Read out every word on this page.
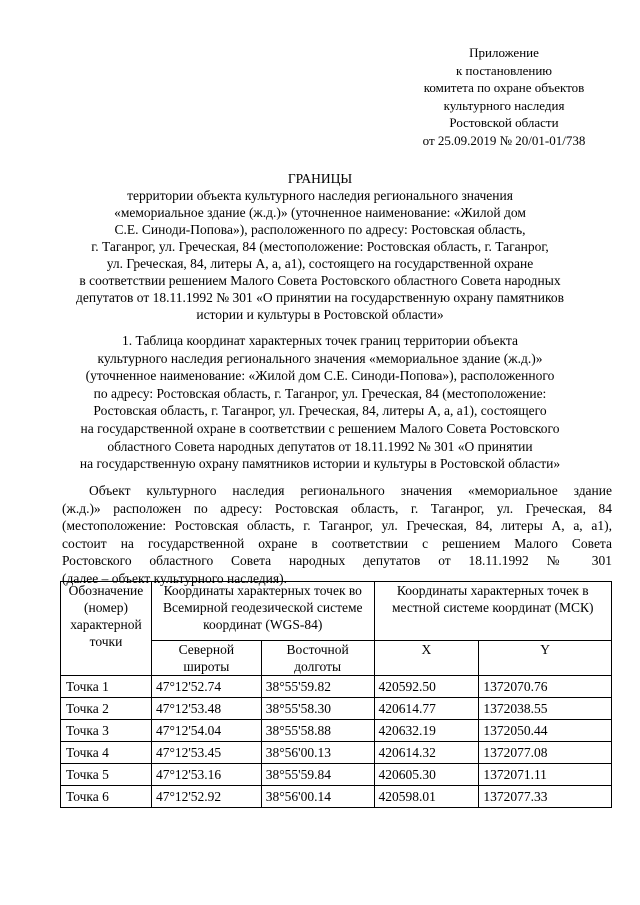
Приложение
к постановлению
комитета по охране объектов
культурного наследия
Ростовской области
от 25.09.2019 № 20/01-01/738
ГРАНИЦЫ
территории объекта культурного наследия регионального значения
«мемориальное здание (ж.д.)» (уточненное наименование: «Жилой дом
С.Е. Синоди-Попова»), расположенного по адресу: Ростовская область,
г. Таганрог, ул. Греческая, 84 (местоположение: Ростовская область, г. Таганрог,
ул. Греческая, 84, литеры А, а, а1), состоящего на государственной охране
в соответствии решением Малого Совета Ростовского областного Совета народных
депутатов от 18.11.1992 № 301 «О принятии на государственную охрану памятников
истории и культуры в Ростовской области»
1. Таблица координат характерных точек границ территории объекта
культурного наследия регионального значения «мемориальное здание (ж.д.)»
(уточненное наименование: «Жилой дом С.Е. Синоди-Попова»), расположенного
по адресу: Ростовская область, г. Таганрог, ул. Греческая, 84 (местоположение:
Ростовская область, г. Таганрог, ул. Греческая, 84, литеры А, а, а1), состоящего
на государственной охране в соответствии с решением Малого Совета Ростовского
областного Совета народных депутатов от 18.11.1992 № 301 «О принятии
на государственную охрану памятников истории и культуры в Ростовской области»
Объект культурного наследия регионального значения «мемориальное здание
(ж.д.)» расположен по адресу: Ростовская область, г. Таганрог, ул. Греческая, 84
(местоположение: Ростовская область, г. Таганрог, ул. Греческая, 84, литеры А, а, а1),
состоит на государственной охране в соответствии с решением Малого Совета
Ростовского областного Совета народных депутатов от 18.11.1992 № 301
(далее – объект культурного наследия).
Обозначение (номер) характерной точки	Координаты характерных точек во Всемирной геодезической системе координат (WGS-84)		Координаты характерных точек в местной системе координат (МСК)	
	Северной широты	Восточной долготы	X	Y
Точка 1	47°12'52.74	38°55'59.82	420592.50	1372070.76
Точка 2	47°12'53.48	38°55'58.30	420614.77	1372038.55
Точка 3	47°12'54.04	38°55'58.88	420632.19	1372050.44
Точка 4	47°12'53.45	38°56'00.13	420614.32	1372077.08
Точка 5	47°12'53.16	38°55'59.84	420605.30	1372071.11
Точка 6	47°12'52.92	38°56'00.14	420598.01	1372077.33
